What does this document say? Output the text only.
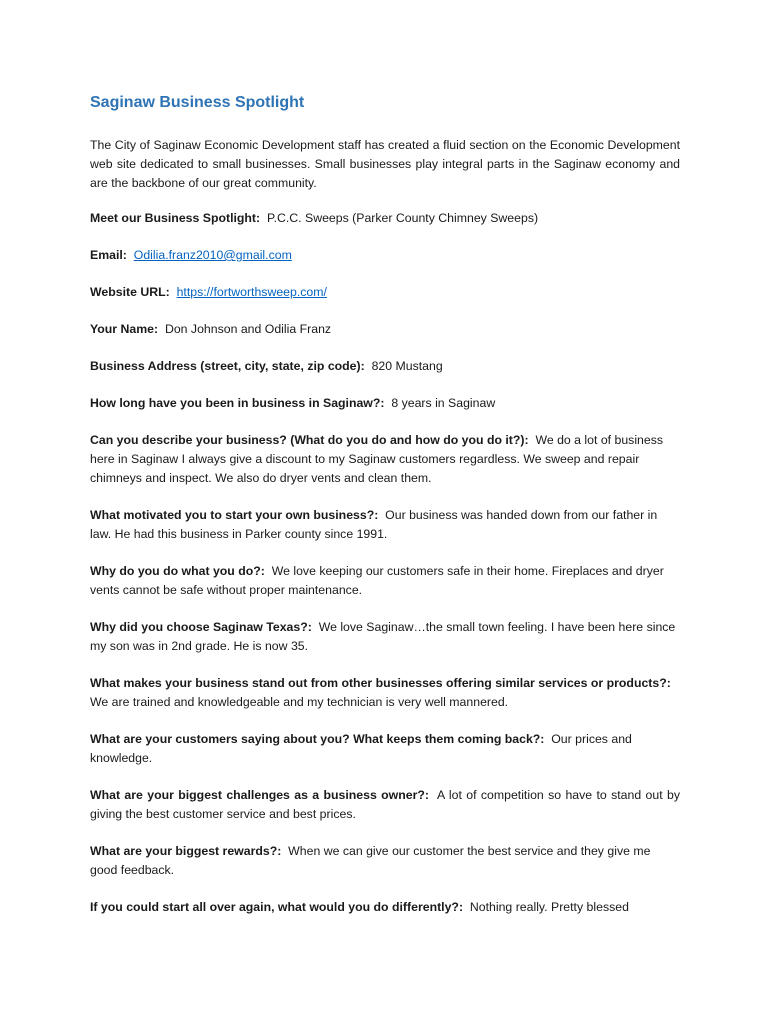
Saginaw Business Spotlight

The City of Saginaw Economic Development staff has created a fluid section on the Economic Development web site dedicated to small businesses. Small businesses play integral parts in the Saginaw economy and are the backbone of our great community.

Meet our Business Spotlight: P.C.C. Sweeps (Parker County Chimney Sweeps)

Email: Odilia.franz2010@gmail.com

Website URL: https://fortworthsweep.com/

Your Name: Don Johnson and Odilia Franz

Business Address (street, city, state, zip code): 820 Mustang

How long have you been in business in Saginaw?: 8 years in Saginaw

Can you describe your business? (What do you do and how do you do it?): We do a lot of business here in Saginaw I always give a discount to my Saginaw customers regardless. We sweep and repair chimneys and inspect. We also do dryer vents and clean them.

What motivated you to start your own business?: Our business was handed down from our father in law. He had this business in Parker county since 1991.

Why do you do what you do?: We love keeping our customers safe in their home. Fireplaces and dryer vents cannot be safe without proper maintenance.

Why did you choose Saginaw Texas?: We love Saginaw…the small town feeling. I have been here since my son was in 2nd grade. He is now 35.

What makes your business stand out from other businesses offering similar services or products?:  We are trained and knowledgeable and my technician is very well mannered.

What are your customers saying about you? What keeps them coming back?: Our prices and knowledge.

What are your biggest challenges as a business owner?: A lot of competition so have to stand out by giving the best customer service and best prices.

What are your biggest rewards?: When we can give our customer the best service and they give me good feedback.

If you could start all over again, what would you do differently?: Nothing really. Pretty blessed
